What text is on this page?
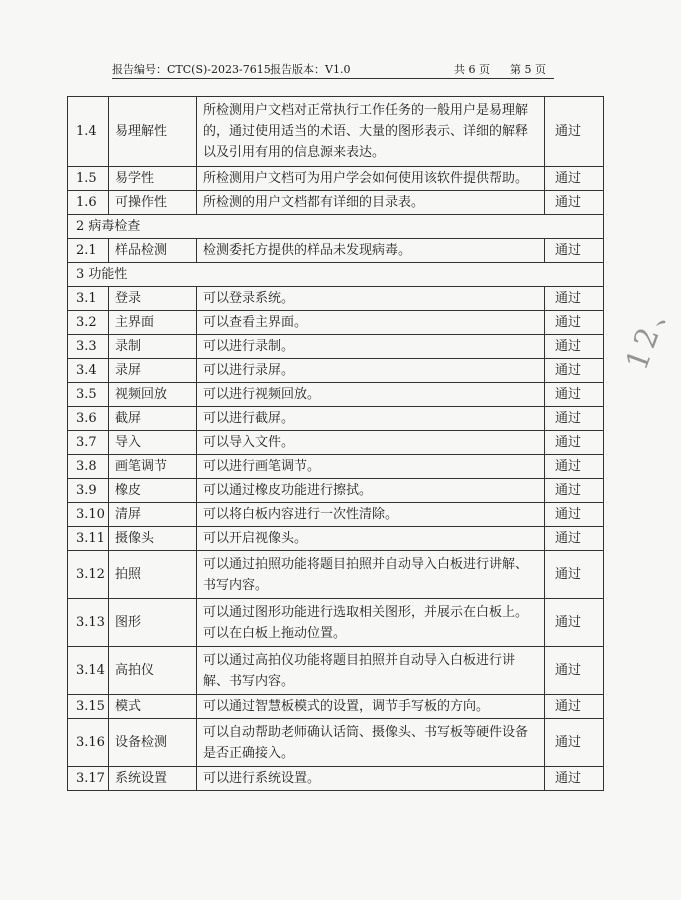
报告编号：CTC(S)-2023-7615 报告版本：V1.0	共 6 页 第 5 页
1.4	易理解性	所检测用户文档对正常执行工作任务的一般用户是易理解的，通过使用适当的术语、大量的图形表示、详细的解释以及引用有用的信息源来表达。	通过
1.5	易学性	所检测用户文档可为用户学会如何使用该软件提供帮助。	通过
1.6	可操作性	所检测的用户文档都有详细的目录表。	通过
2 病毒检查			
2.1	样品检测	检测委托方提供的样品未发现病毒。	通过
3 功能性			
3.1	登录	可以登录系统。	通过
3.2	主界面	可以查看主界面。	通过
3.3	录制	可以进行录制。	通过
3.4	录屏	可以进行录屏。	通过
3.5	视频回放	可以进行视频回放。	通过
3.6	截屏	可以进行截屏。	通过
3.7	导入	可以导入文件。	通过
3.8	画笔调节	可以进行画笔调节。	通过
3.9	橡皮	可以通过橡皮功能进行擦拭。	通过
3.10	清屏	可以将白板内容进行一次性清除。	通过
3.11	摄像头	可以开启视像头。	通过
3.12	拍照	可以通过拍照功能将题目拍照并自动导入白板进行讲解、书写内容。	通过
3.13	图形	可以通过图形功能进行选取相关图形，并展示在白板上。可以在白板上拖动位置。	通过
3.14	高拍仪	可以通过高拍仪功能将题目拍照并自动导入白板进行讲解、书写内容。	通过
3.15	模式	可以通过智慧板模式的设置，调节手写板的方向。	通过
3.16	设备检测	可以自动帮助老师确认话筒、摄像头、书写板等硬件设备是否正确接入。	通过
3.17	系统设置	可以进行系统设置。	通过
12、
